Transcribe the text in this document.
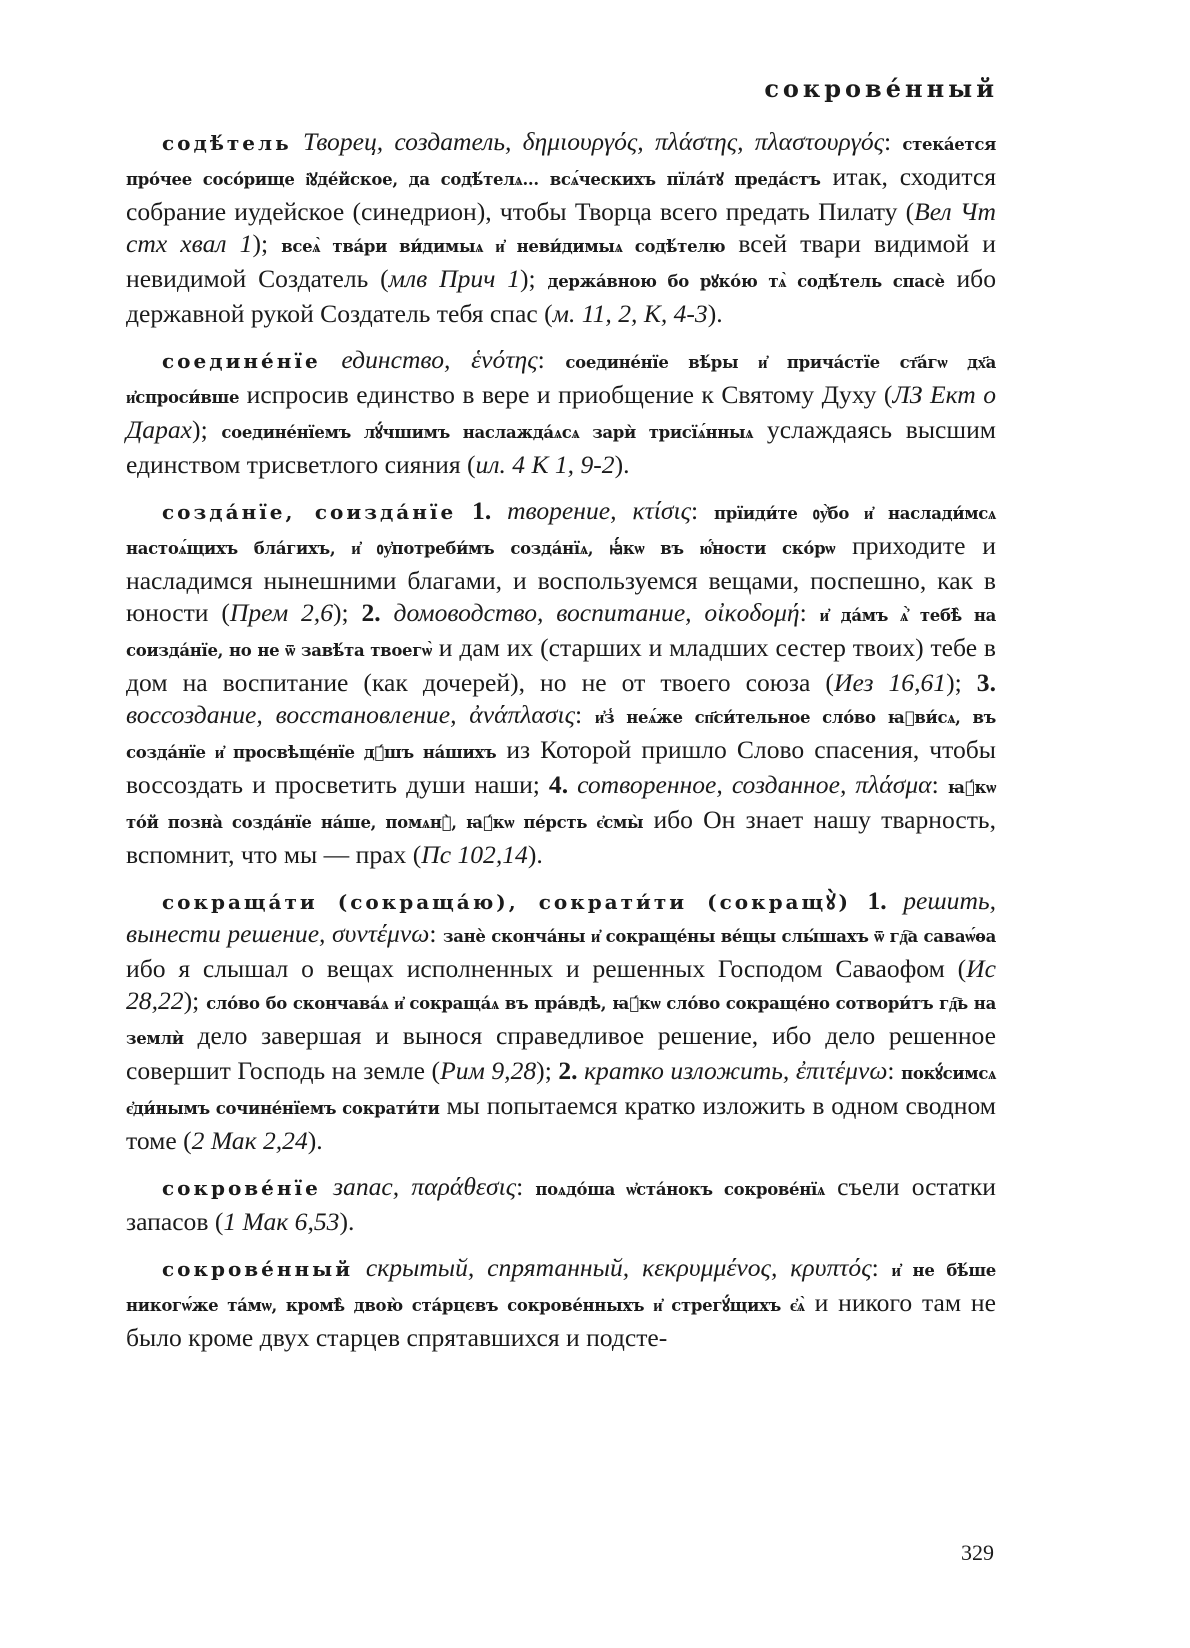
сокрове́нный

содѣ́тель Творец, создатель, δημιουργός, πλάστης, πλαστουργός: стека́ется про́чее сосо́рище і҆ꙋде́йское, да содѣ́телѧ... всѧ́ческихъ пїла́тꙋ преда́стъ итак, сходится собрание иудейское (синедрион), чтобы Творца всего предать Пилату (Вел Чт стх хвал 1); всеѧ̀ тва́ри ви́димыѧ и҆ неви́димыѧ содѣ́телю всей твари видимой и невидимой Создатель (млв Прич 1); держа́вною бо рꙋко́ю тѧ̀ содѣ́тель спасѐ ибо державной рукой Создатель тебя спас (м. 11, 2, К, 4-3).

соедине́нїе единство, ἑνότης: соедине́нїе вѣ́ры и҆ прича́стїе ст҃а́гѡ дх҃а и҆спроси́вше испросив единство в вере и приобщение к Святому Духу (ЛЗ Ект о Дарах); соедине́нїемъ лꙋ́чшимъ наслажда́ѧсѧ зарѝ трисїѧ́нныѧ услаждаясь высшим единством трисветлого сияния (ил. 4 К 1, 9-2).

созда́нїе, соизда́нїе 1. творение, κτίσις: прїиди́те ᲂу҆̀бо и҆ наслади́мсѧ настоѧ́щихъ бла́гихъ, и҆ ᲂу҆потреби́мъ созда́нїѧ, ꙗ҆́кѡ въ ю҆́ности ско́рѡ приходите и насладимся нынешними благами, и воспользуемся вещами, поспешно, как в юности (Прем 2,6); 2. домоводство, воспитание, οἰκοδομή: и҆ да́мъ ѧ҆̀ тебѣ̀ на соизда́нїе, но не ѿ завѣ́та твоегѡ̀ и дам их (старших и младших сестер твоих) тебе в дом на воспитание (как дочерей), но не от твоего союза (Иез 16,61); 3. воссоздание, восстановление, ἀνάπλασις: и҆з̾ неѧ́же сп҃си́тельное сло́во ꙗ҆ви́сѧ, въ созда́нїе и҆ просвѣще́нїе дꙋ́шъ на́шихъ из Которой пришло Слово спасения, чтобы воссоздать и просветить души наши; 4. сотворенное, созданное, πλάσμα: ꙗ҆́кѡ то́й позна̀ созда́нїе на́ше, помѧнꙋ̀, ꙗ҆́кѡ пе́рсть є҆смы̀ ибо Он знает нашу тварность, вспомнит, что мы — прах (Пс 102,14).

сокраща́ти (сокраща́ю), сократи́ти (сокращꙋ̀) 1. решить, вынести решение, συντέμνω: занѐ сконча́ны и҆ сокраще́ны ве́щы слы́шахъ ѿ гд҇а саваѡ́ѳа ибо я слышал о вещах исполненных и решенных Господом Саваофом (Ис 28,22); сло́во бо скончава́ѧ и҆ сокраща́ѧ въ пра́вдѣ, ꙗ҆́кѡ сло́во сокраще́но сотвори́тъ гд҇ь на землѝ дело завершая и вынося справедливое решение, ибо дело решенное совершит Господь на земле (Рим 9,28); 2. кратко изложить, ἐπιτέμνω: покꙋ́симсѧ є҆ди́нымъ сочине́нїемъ сократи́ти мы попытаемся кратко изложить в одном сводном томе (2 Мак 2,24).

сокрове́нїе запас, παράθεσις: поѧдо́ша ѡ҆ста́нокъ сокрове́нїѧ съели остатки запасов (1 Мак 6,53).

сокрове́нный скрытый, спрятанный, κεκρυμμένος, κρυπτός: и҆ не бѣ́ше никогѡ́же та́мѡ, кромѣ̀ двою̀ ста́рцєвъ сокрове́нныхъ и҆ стрегꙋ́щихъ є҆ѧ̀ и никого там не было кроме двух старцев спрятавшихся и подсте-

329
